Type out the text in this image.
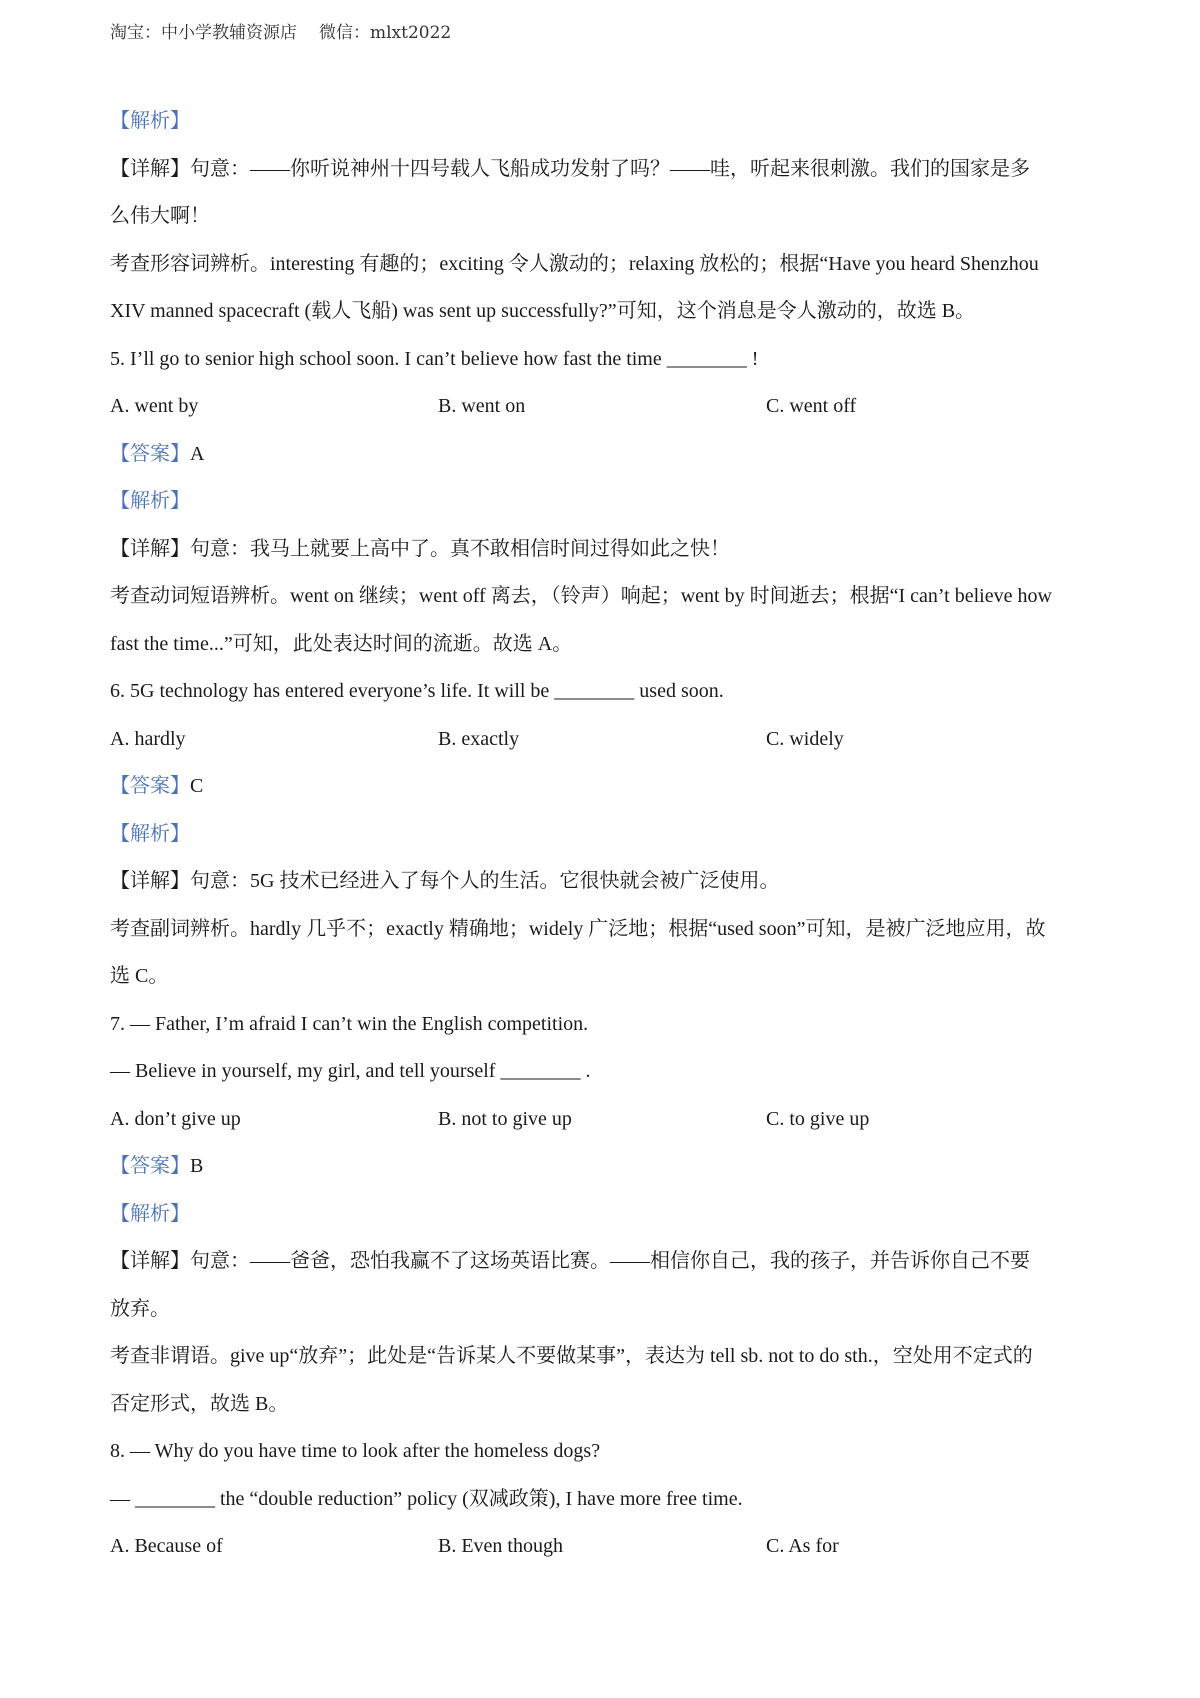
淘宝：中小学教辅资源店 微信：mlxt2022
【解析】
【详解】句意：——你听说神州十四号载人飞船成功发射了吗？——哇，听起来很刺激。我们的国家是多
么伟大啊！
考查形容词辨析。interesting 有趣的；exciting 令人激动的；relaxing 放松的；根据“Have you heard Shenzhou
XIV manned spacecraft (载人飞船) was sent up successfully?”可知，这个消息是令人激动的，故选 B。
5. I’ll go to senior high school soon. I can’t believe how fast the time ________ !
A. went by	B. went on	C. went off
【答案】A
【解析】
【详解】句意：我马上就要上高中了。真不敢相信时间过得如此之快！
考查动词短语辨析。went on 继续；went off 离去，（铃声）响起；went by 时间逝去；根据“I can’t believe how
fast the time...”可知，此处表达时间的流逝。故选 A。
6. 5G technology has entered everyone’s life. It will be ________ used soon.
A. hardly	B. exactly	C. widely
【答案】C
【解析】
【详解】句意：5G 技术已经进入了每个人的生活。它很快就会被广泛使用。
考查副词辨析。hardly 几乎不；exactly 精确地；widely 广泛地；根据“used soon”可知，是被广泛地应用，故
选 C。
7. — Father, I’m afraid I can’t win the English competition.
— Believe in yourself, my girl, and tell yourself ________ .
A. don’t give up	B. not to give up	C. to give up
【答案】B
【解析】
【详解】句意：——爸爸，恐怕我赢不了这场英语比赛。——相信你自己，我的孩子，并告诉你自己不要
放弃。
考查非谓语。give up“放弃”；此处是“告诉某人不要做某事”，表达为 tell sb. not to do sth.，空处用不定式的
否定形式，故选 B。
8. — Why do you have time to look after the homeless dogs?
— ________ the “double reduction” policy (双减政策), I have more free time.
A. Because of	B. Even though	C. As for
